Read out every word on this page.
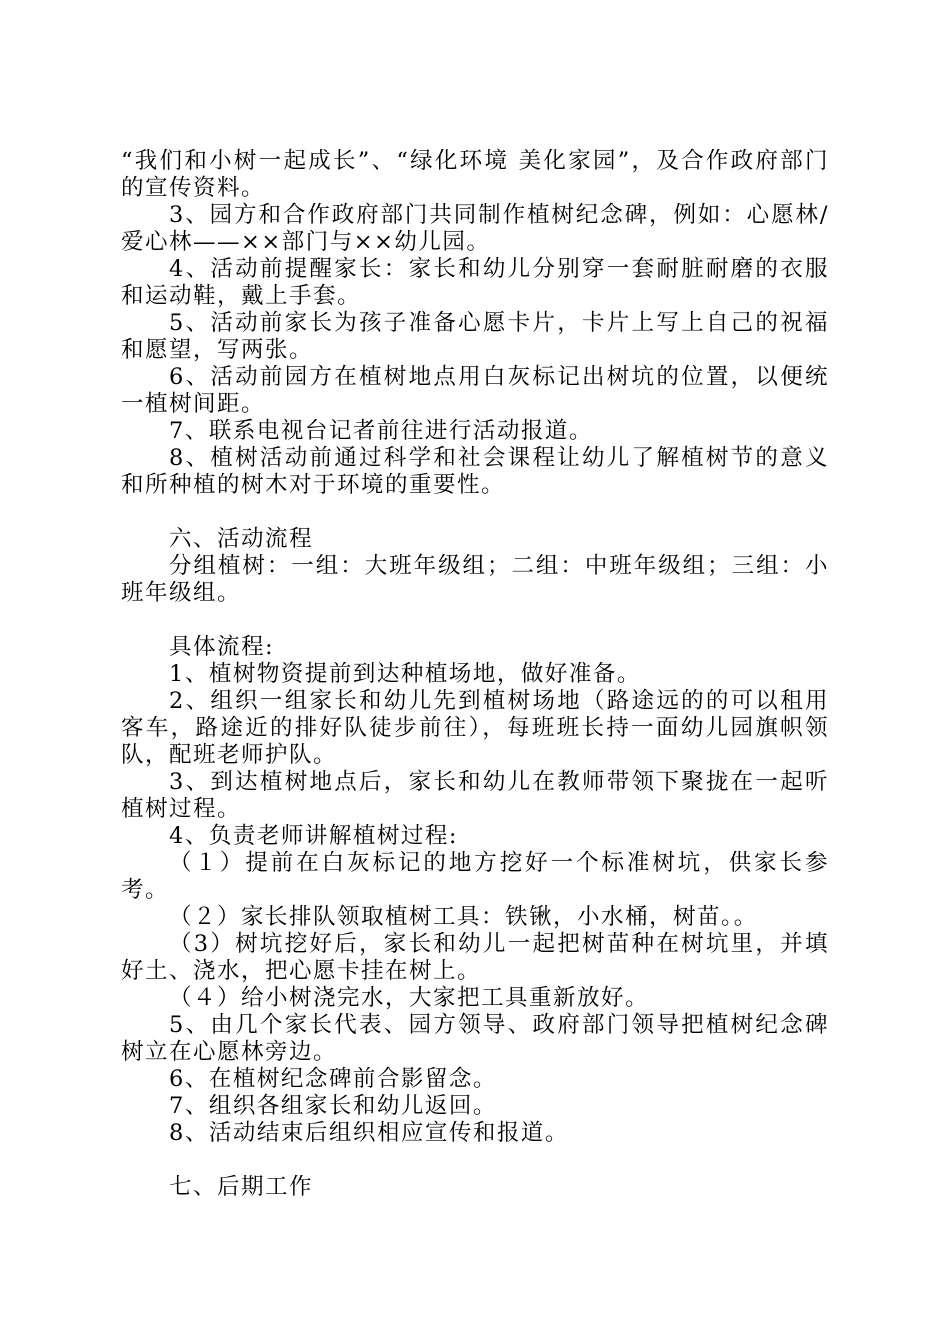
“我们和小树一起成长”、“绿化环境 美化家园”，及合作政府部门的宣传资料。

3、园方和合作政府部门共同制作植树纪念碑，例如：心愿林/爱心林——××部门与××幼儿园。

4、活动前提醒家长：家长和幼儿分别穿一套耐脏耐磨的衣服和运动鞋，戴上手套。

5、活动前家长为孩子准备心愿卡片，卡片上写上自己的祝福和愿望，写两张。

6、活动前园方在植树地点用白灰标记出树坑的位置，以便统一植树间距。

7、联系电视台记者前往进行活动报道。

8、植树活动前通过科学和社会课程让幼儿了解植树节的意义和所种植的树木对于环境的重要性。

六、活动流程

分组植树：一组：大班年级组；二组：中班年级组；三组：小班年级组。

具体流程:

1、植树物资提前到达种植场地，做好准备。

2、组织一组家长和幼儿先到植树场地（路途远的的可以租用客车，路途近的排好队徒步前往），每班班长持一面幼儿园旗帜领队，配班老师护队。

3、到达植树地点后，家长和幼儿在教师带领下聚拢在一起听植树过程。

4、负责老师讲解植树过程:

（１）提前在白灰标记的地方挖好一个标准树坑，供家长参考。

（２）家长排队领取植树工具：铁锹，小水桶，树苗。。

（3）树坑挖好后，家长和幼儿一起把树苗种在树坑里，并填好土、浇水，把心愿卡挂在树上。

（４）给小树浇完水，大家把工具重新放好。

5、由几个家长代表、园方领导、政府部门领导把植树纪念碑树立在心愿林旁边。

6、在植树纪念碑前合影留念。

7、组织各组家长和幼儿返回。

8、活动结束后组织相应宣传和报道。

七、后期工作
